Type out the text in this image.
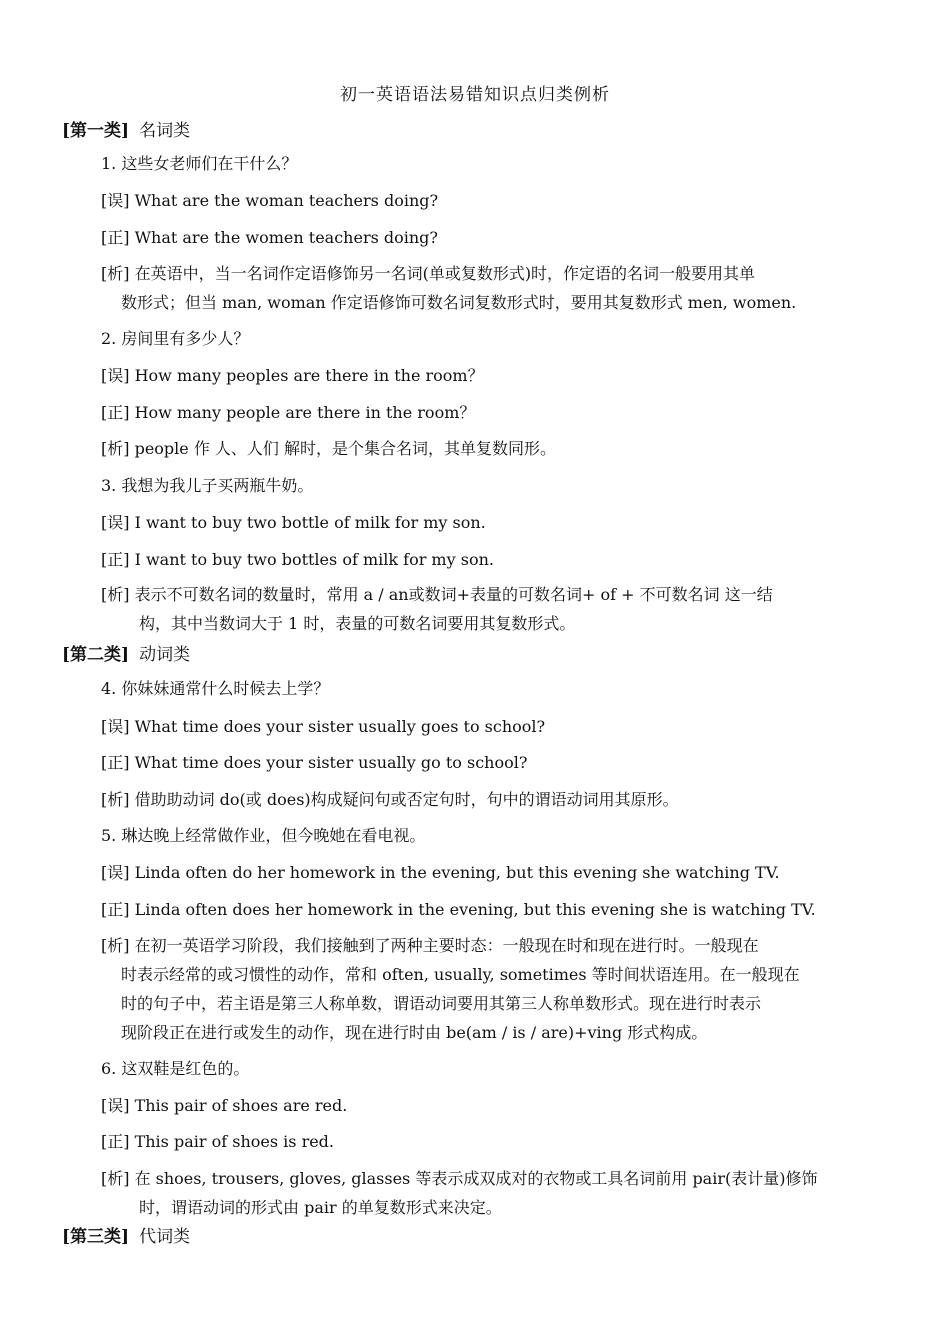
初一英语语法易错知识点归类例析
[第一类] 名词类
1. 这些女老师们在干什么？
[误] What are the woman teachers doing?
[正] What are the women teachers doing?
[析] 在英语中，当一名词作定语修饰另一名词(单或复数形式)时，作定语的名词一般要用其单
数形式；但当 man, woman 作定语修饰可数名词复数形式时，要用其复数形式 men, women.
2. 房间里有多少人？
[误] How many peoples are there in the room？
[正] How many people are there in the room？
[析] people 作 人、人们 解时，是个集合名词，其单复数同形。
3. 我想为我儿子买两瓶牛奶。
[误] I want to buy two bottle of milk for my son.
[正] I want to buy two bottles of milk for my son.
[析] 表示不可数名词的数量时，常用 a / an或数词+表量的可数名词+ of + 不可数名词 这一结
构，其中当数词大于 1 时，表量的可数名词要用其复数形式。
[第二类] 动词类
4. 你妹妹通常什么时候去上学？
[误] What time does your sister usually goes to school?
[正] What time does your sister usually go to school?
[析] 借助助动词 do(或 does)构成疑问句或否定句时，句中的谓语动词用其原形。
5. 琳达晚上经常做作业，但今晚她在看电视。
[误] Linda often do her homework in the evening, but this evening she watching TV.
[正] Linda often does her homework in the evening, but this evening she is watching TV.
[析] 在初一英语学习阶段，我们接触到了两种主要时态：一般现在时和现在进行时。一般现在
时表示经常的或习惯性的动作，常和 often, usually, sometimes 等时间状语连用。在一般现在
时的句子中，若主语是第三人称单数，谓语动词要用其第三人称单数形式。现在进行时表示
现阶段正在进行或发生的动作，现在进行时由 be(am / is / are)+ving 形式构成。
6. 这双鞋是红色的。
[误] This pair of shoes are red.
[正] This pair of shoes is red.
[析] 在 shoes, trousers, gloves, glasses 等表示成双成对的衣物或工具名词前用 pair(表计量)修饰
时，谓语动词的形式由 pair 的单复数形式来决定。
[第三类] 代词类
